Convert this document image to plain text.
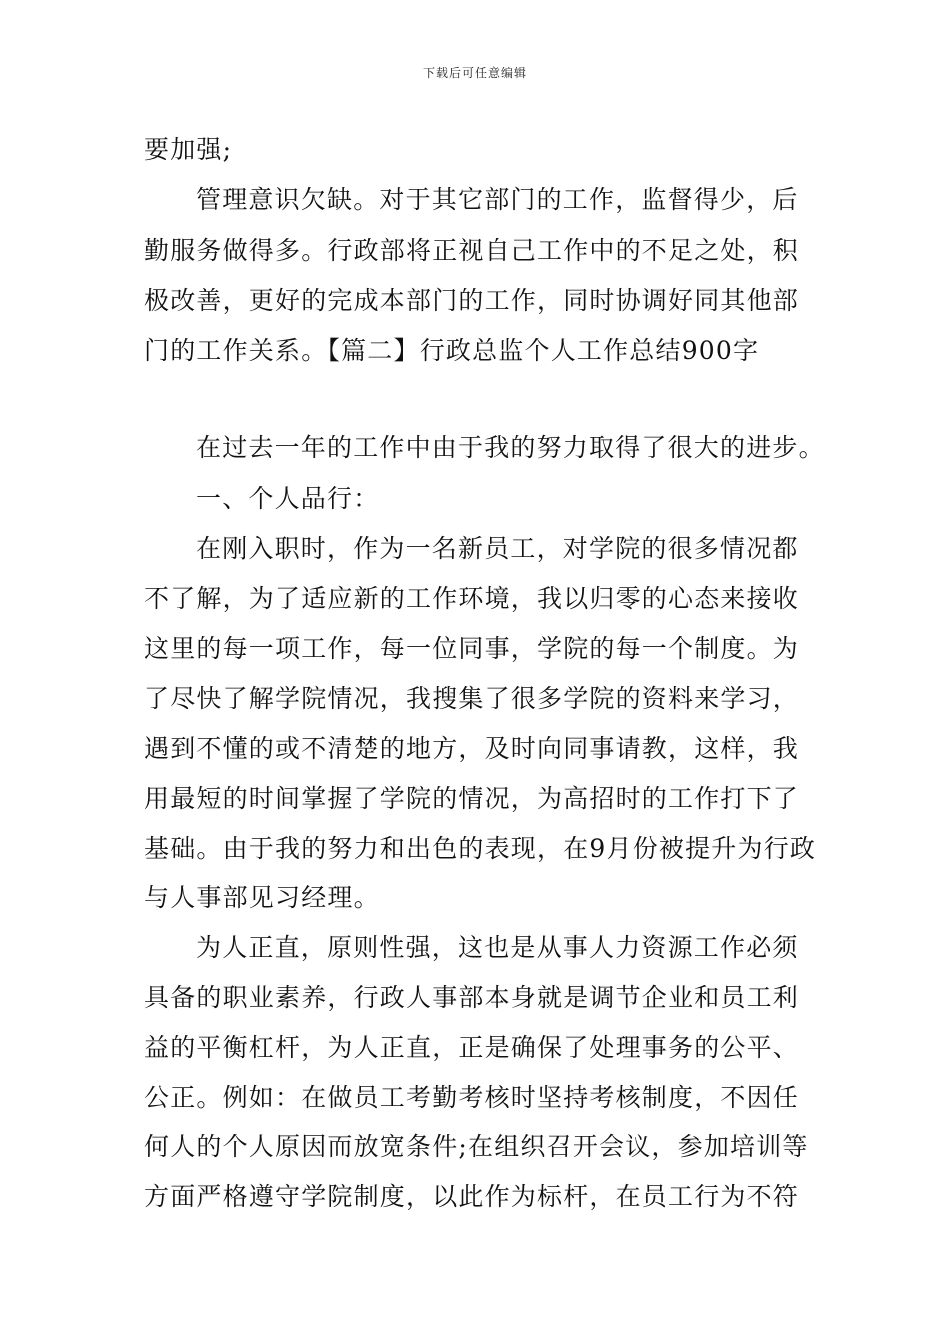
下载后可任意编辑
要加强;
管理意识欠缺。对于其它部门的工作，监督得少，后
勤服务做得多。行政部将正视自己工作中的不足之处，积
极改善，更好的完成本部门的工作，同时协调好同其他部
门的工作关系。【篇二】行政总监个人工作总结900字
在过去一年的工作中由于我的努力取得了很大的进步。
一、个人品行：
在刚入职时，作为一名新员工，对学院的很多情况都
不了解，为了适应新的工作环境，我以归零的心态来接收
这里的每一项工作，每一位同事，学院的每一个制度。为
了尽快了解学院情况，我搜集了很多学院的资料来学习，
遇到不懂的或不清楚的地方，及时向同事请教，这样，我
用最短的时间掌握了学院的情况，为高招时的工作打下了
基础。由于我的努力和出色的表现，在9月份被提升为行政
与人事部见习经理。
为人正直，原则性强，这也是从事人力资源工作必须
具备的职业素养，行政人事部本身就是调节企业和员工利
益的平衡杠杆，为人正直，正是确保了处理事务的公平、
公正。例如：在做员工考勤考核时坚持考核制度，不因任
何人的个人原因而放宽条件;在组织召开会议，参加培训等
方面严格遵守学院制度，以此作为标杆，在员工行为不符
